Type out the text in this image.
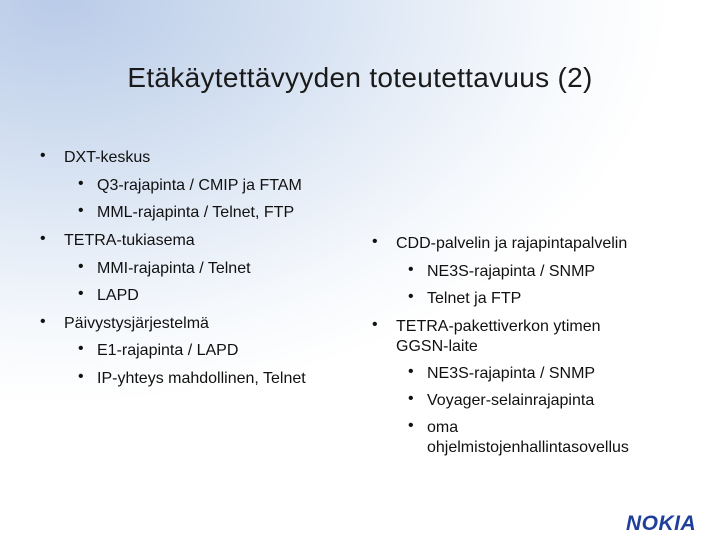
Etäkäytettävyyden toteutettavuus (2)
• DXT-keskus
• Q3-rajapinta / CMIP ja FTAM
• MML-rajapinta / Telnet, FTP
• TETRA-tukiasema
• MMI-rajapinta / Telnet
• LAPD
• Päivystysjärjestelmä
• E1-rajapinta / LAPD
• IP-yhteys mahdollinen, Telnet
• CDD-palvelin ja rajapintapalvelin
• NE3S-rajapinta / SNMP
• Telnet ja FTP
• TETRA-pakettiverkon ytimen GGSN-laite
• NE3S-rajapinta / SNMP
• Voyager-selainrajapinta
• oma ohjelmistojenhallintasovellus
NOKIA
